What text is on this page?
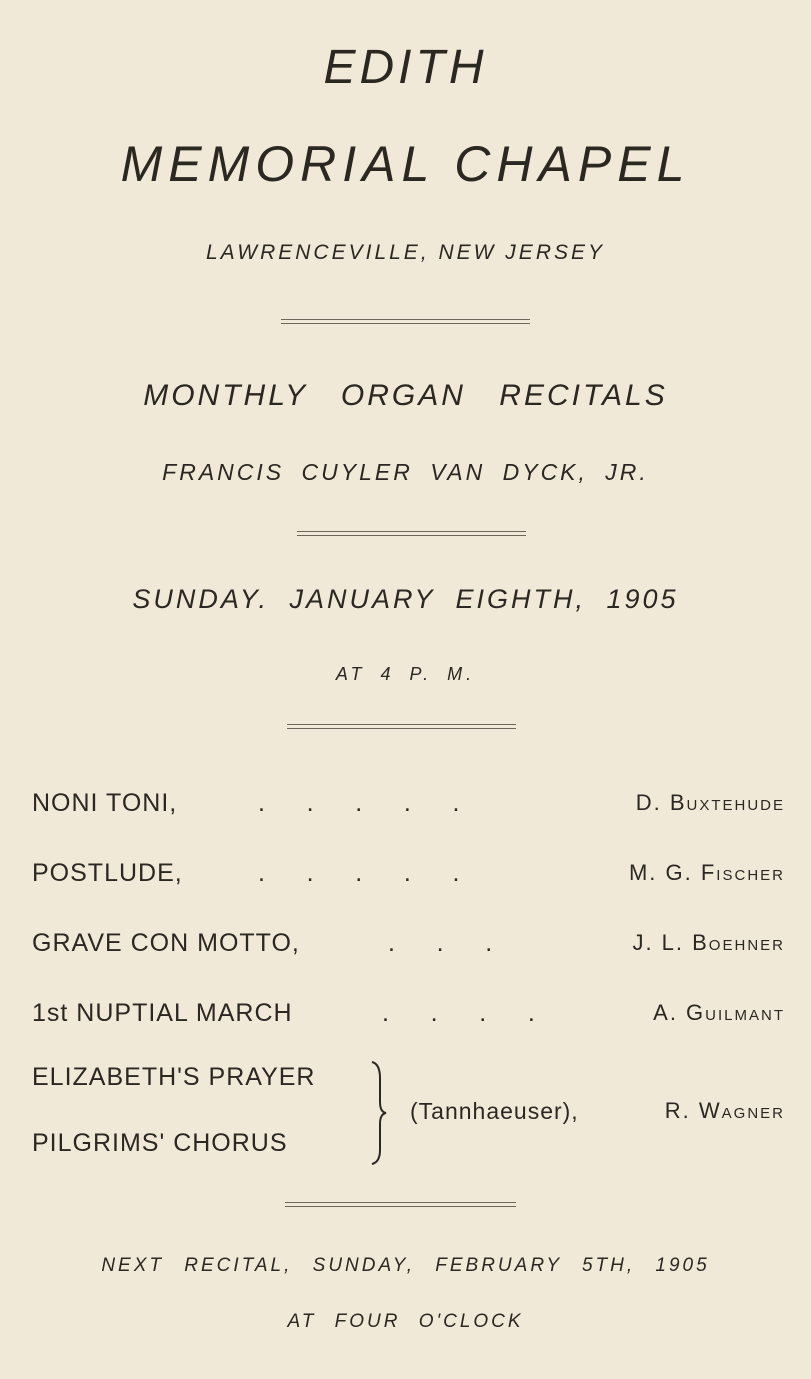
EDITH
MEMORIAL CHAPEL
LAWRENCEVILLE, NEW JERSEY
MONTHLY ORGAN RECITALS
FRANCIS CUYLER VAN DYCK, JR.
SUNDAY. JANUARY EIGHTH, 1905
AT 4 P. M.
NONI TONI,	.      .      .      .      .	D. Buxtehude
POSTLUDE,	.      .      .      .      .	M. G. Fischer
GRAVE CON MOTTO,	.      .      .	J. L. Boehner
1st NUPTIAL MARCH	.      .      .      .	A. Guilmant
ELIZABETH'S PRAYER
PILGRIMS' CHORUS
(Tannhaeuser),	R. Wagner
NEXT RECITAL, SUNDAY, FEBRUARY 5TH, 1905
AT FOUR O'CLOCK
